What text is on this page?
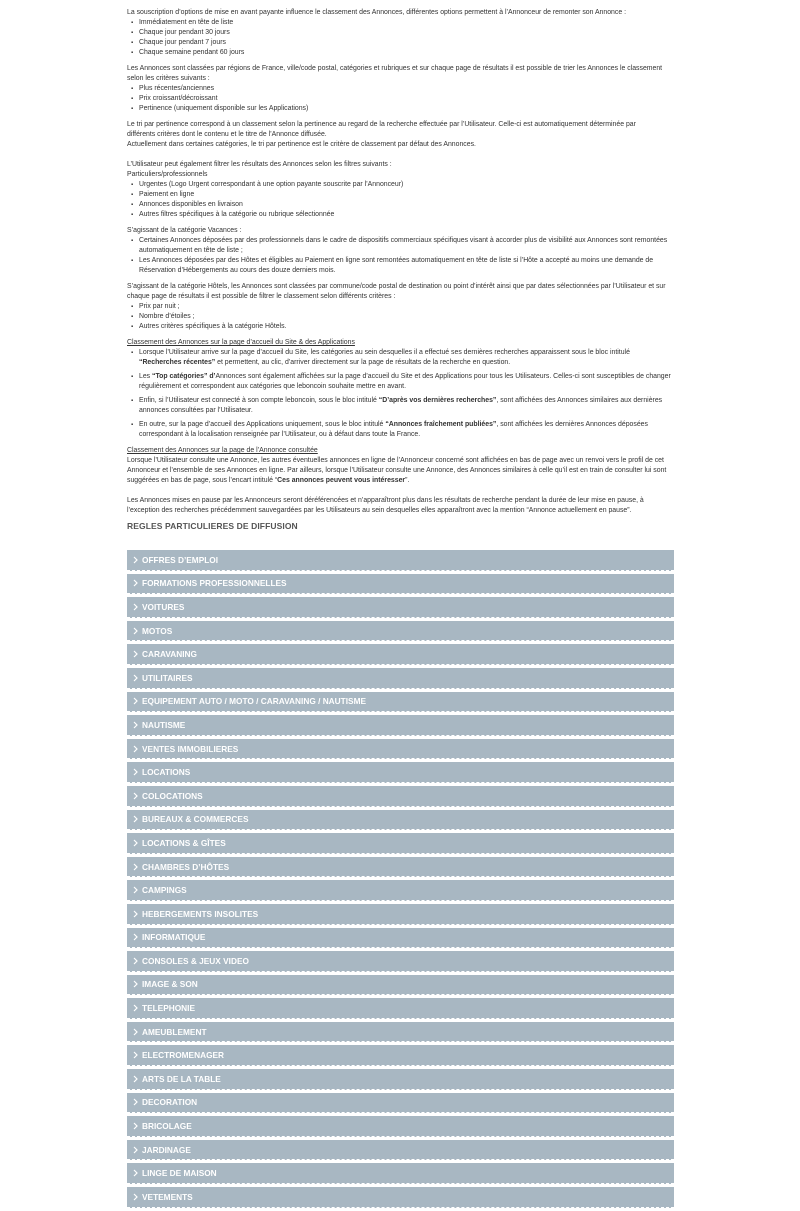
La souscription d’options de mise en avant payante influence le classement des Annonces, différentes options permettent à l’Annonceur de remonter son Annonce :

▪ Immédiatement en tête de liste
▪ Chaque jour pendant 30 jours
▪ Chaque jour pendant 7 jours
▪ Chaque semaine pendant 60 jours

Les Annonces sont classées par régions de France, ville/code postal, catégories et rubriques et sur chaque page de résultats il est possible de trier les Annonces le classement

selon les critères suivants :

▪ Plus récentes/anciennes
▪ Prix croissant/décroissant
▪ Pertinence (uniquement disponible sur les Applications)

Le tri par pertinence correspond à un classement selon la pertinence au regard de la recherche effectuée par l’Utilisateur. Celle-ci est automatiquement déterminée par

différents critères dont le contenu et le titre de l’Annonce diffusée.

Actuellement dans certaines catégories, le tri par pertinence est le critère de classement par défaut des Annonces.

L’Utilisateur peut également filtrer les résultats des Annonces selon les filtres suivants :

Particuliers/professionnels

▪ Urgentes (Logo Urgent correspondant à une option payante souscrite par l’Annonceur)
▪ Paiement en ligne
▪ Annonces disponibles en livraison
▪ Autres filtres spécifiques à la catégorie ou rubrique sélectionnée

S’agissant de la catégorie Vacances :

▪ Certaines Annonces déposées par des professionnels dans le cadre de dispositifs commerciaux spécifiques visant à accorder plus de visibilité aux Annonces sont remontées
automatiquement en tête de liste ;
▪ Les Annonces déposées par des Hôtes et éligibles au Paiement en ligne sont remontées automatiquement en tête de liste si l’Hôte a accepté au moins une demande de
Réservation d’Hébergements au cours des douze derniers mois.

S’agissant de la catégorie Hôtels, les Annonces sont classées par commune/code postal de destination ou point d’intérêt ainsi que par dates sélectionnées par l’Utilisateur et sur

chaque page de résultats il est possible de filtrer le classement selon différents critères :

▪ Prix par nuit ;
▪ Nombre d’étoiles ;
▪ Autres critères spécifiques à la catégorie Hôtels.

Classement des Annonces sur la page d’accueil du Site & des Applications

▪ Lorsque l’Utilisateur arrive sur la page d’accueil du Site, les catégories au sein desquelles il a effectué ses dernières recherches apparaissent sous le bloc intitulé
“Recherches récentes” et permettent, au clic, d’arriver directement sur la page de résultats de la recherche en question.
▪ Les “Top catégories” d’Annonces sont également affichées sur la page d’accueil du Site et des Applications pour tous les Utilisateurs. Celles-ci sont susceptibles de changer
régulièrement et correspondent aux catégories que leboncoin souhaite mettre en avant.
▪ Enfin, si l’Utilisateur est connecté à son compte leboncoin, sous le bloc intitulé “D’après vos dernières recherches”, sont affichées des Annonces similaires aux dernières
annonces consultées par l’Utilisateur.
▪ En outre, sur la page d’accueil des Applications uniquement, sous le bloc intitulé “Annonces fraîchement publiées”, sont affichées les dernières Annonces déposées
correspondant à la localisation renseignée par l’Utilisateur, ou à défaut dans toute la France.

Classement des Annonces sur la page de l’Annonce consultée

Lorsque l’Utilisateur consulte une Annonce, les autres éventuelles annonces en ligne de l’Annonceur concerné sont affichées en bas de page avec un renvoi vers le profil de cet

Annonceur et l’ensemble de ses Annonces en ligne. Par ailleurs, lorsque l’Utilisateur consulte une Annonce, des Annonces similaires à celle qu’il est en train de consulter lui sont

suggérées en bas de page, sous l’encart intitulé “Ces annonces peuvent vous intéresser”.

Les Annonces mises en pause par les Annonceurs seront déréférencées et n’apparaîtront plus dans les résultats de recherche pendant la durée de leur mise en pause, à

l’exception des recherches précédemment sauvegardées par les Utilisateurs au sein desquelles elles apparaîtront avec la mention “Annonce actuellement en pause”.

REGLES PARTICULIERES DE DIFFUSION
OFFRES D’EMPLOI
FORMATIONS PROFESSIONNELLES
VOITURES
MOTOS
CARAVANING
UTILITAIRES
EQUIPEMENT AUTO / MOTO / CARAVANING / NAUTISME
NAUTISME
VENTES IMMOBILIERES
LOCATIONS
COLOCATIONS
BUREAUX & COMMERCES
LOCATIONS & GÎTES
CHAMBRES D’HÔTES
CAMPINGS
HEBERGEMENTS INSOLITES
INFORMATIQUE
CONSOLES & JEUX VIDEO
IMAGE & SON
TELEPHONIE
AMEUBLEMENT
ELECTROMENAGER
ARTS DE LA TABLE
DECORATION
BRICOLAGE
JARDINAGE
LINGE DE MAISON
VETEMENTS
